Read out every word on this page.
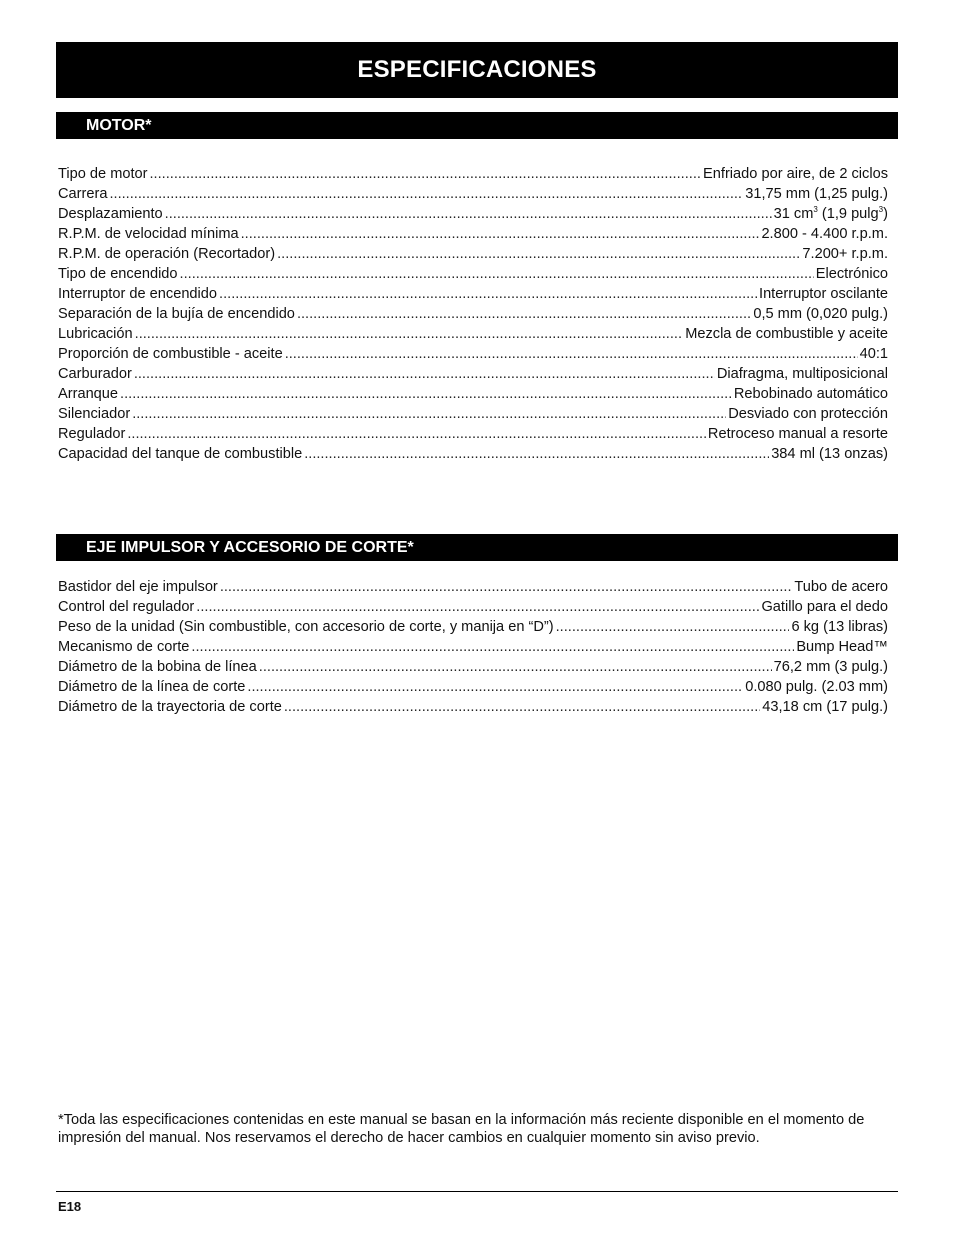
ESPECIFICACIONES
MOTOR*
Tipo de motor .....	Enfriado por aire, de 2 ciclos
Carrera .....	31,75 mm (1,25 pulg.)
Desplazamiento .....	31 $cm^3$ (1,9 pulg$^3$)
R.P.M. de velocidad mínima .....	2.800 - 4.400 r.p.m.
R.P.M. de operación (Recortador) .....	7.200+ r.p.m.
Tipo de encendido .....	Electrónico
Interruptor de encendido .....	Interruptor oscilante
Separación de la bujía de encendido .....	0,5 mm (0,020 pulg.)
Lubricación .....	Mezcla de combustible y aceite
Proporción de combustible - aceite .....	40:1
Carburador .....	Diafragma, multiposicional
Arranque .....	Rebobinado automático
Silenciador .....	Desviado con protección
Regulador .....	Retroceso manual a resorte
Capacidad del tanque de combustible .....	384 ml (13 onzas)
EJE IMPULSOR Y ACCESORIO DE CORTE*
Bastidor del eje impulsor .....	Tubo de acero
Control del regulador .....	Gatillo para el dedo
Peso de la unidad (Sin combustible, con accesorio de corte, y manija en “D”) .....	6 kg (13 libras)
Mecanismo de corte .....	Bump Head™
Diámetro de la bobina de línea .....	76,2 mm (3 pulg.)
Diámetro de la línea de corte .....	0.080 pulg. (2.03 mm)
Diámetro de la trayectoria de corte .....	43,18 cm (17 pulg.)

*Toda las especificaciones contenidas en este manual se basan en la información más reciente disponible en el momento de impresión del manual. Nos reservamos el derecho de hacer cambios en cualquier momento sin aviso previo.

E18
